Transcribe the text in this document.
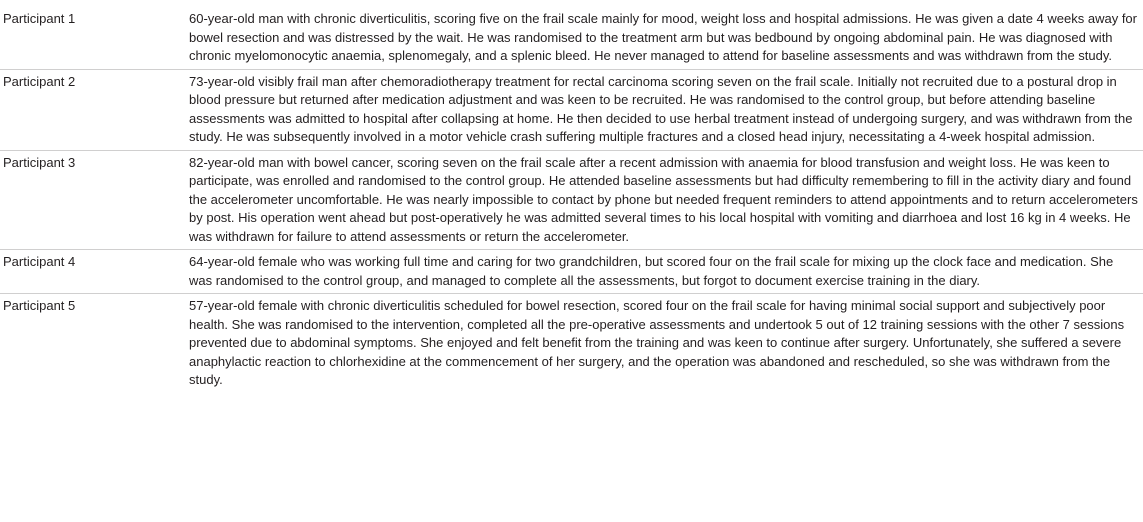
Participant 1	60-year-old man with chronic diverticulitis, scoring five on the frail scale mainly for mood, weight loss and hospital admissions. He was given a date 4 weeks away for bowel resection and was distressed by the wait. He was randomised to the treatment arm but was bedbound by ongoing abdominal pain. He was diagnosed with chronic myelomonocytic anaemia, splenomegaly, and a splenic bleed. He never managed to attend for baseline assessments and was withdrawn from the study.
Participant 2	73-year-old visibly frail man after chemoradiotherapy treatment for rectal carcinoma scoring seven on the frail scale. Initially not recruited due to a postural drop in blood pressure but returned after medication adjustment and was keen to be recruited. He was randomised to the control group, but before attending baseline assessments was admitted to hospital after collapsing at home. He then decided to use herbal treatment instead of undergoing surgery, and was withdrawn from the study. He was subsequently involved in a motor vehicle crash suffering multiple fractures and a closed head injury, necessitating a 4-week hospital admission.
Participant 3	82-year-old man with bowel cancer, scoring seven on the frail scale after a recent admission with anaemia for blood transfusion and weight loss. He was keen to participate, was enrolled and randomised to the control group. He attended baseline assessments but had difficulty remembering to fill in the activity diary and found the accelerometer uncomfortable. He was nearly impossible to contact by phone but needed frequent reminders to attend appointments and to return accelerometers by post. His operation went ahead but post-operatively he was admitted several times to his local hospital with vomiting and diarrhoea and lost 16 kg in 4 weeks. He was withdrawn for failure to attend assessments or return the accelerometer.
Participant 4	64-year-old female who was working full time and caring for two grandchildren, but scored four on the frail scale for mixing up the clock face and medication. She was randomised to the control group, and managed to complete all the assessments, but forgot to document exercise training in the diary.
Participant 5	57-year-old female with chronic diverticulitis scheduled for bowel resection, scored four on the frail scale for having minimal social support and subjectively poor health. She was randomised to the intervention, completed all the pre-operative assessments and undertook 5 out of 12 training sessions with the other 7 sessions prevented due to abdominal symptoms. She enjoyed and felt benefit from the training and was keen to continue after surgery. Unfortunately, she suffered a severe anaphylactic reaction to chlorhexidine at the commencement of her surgery, and the operation was abandoned and rescheduled, so she was withdrawn from the study.
